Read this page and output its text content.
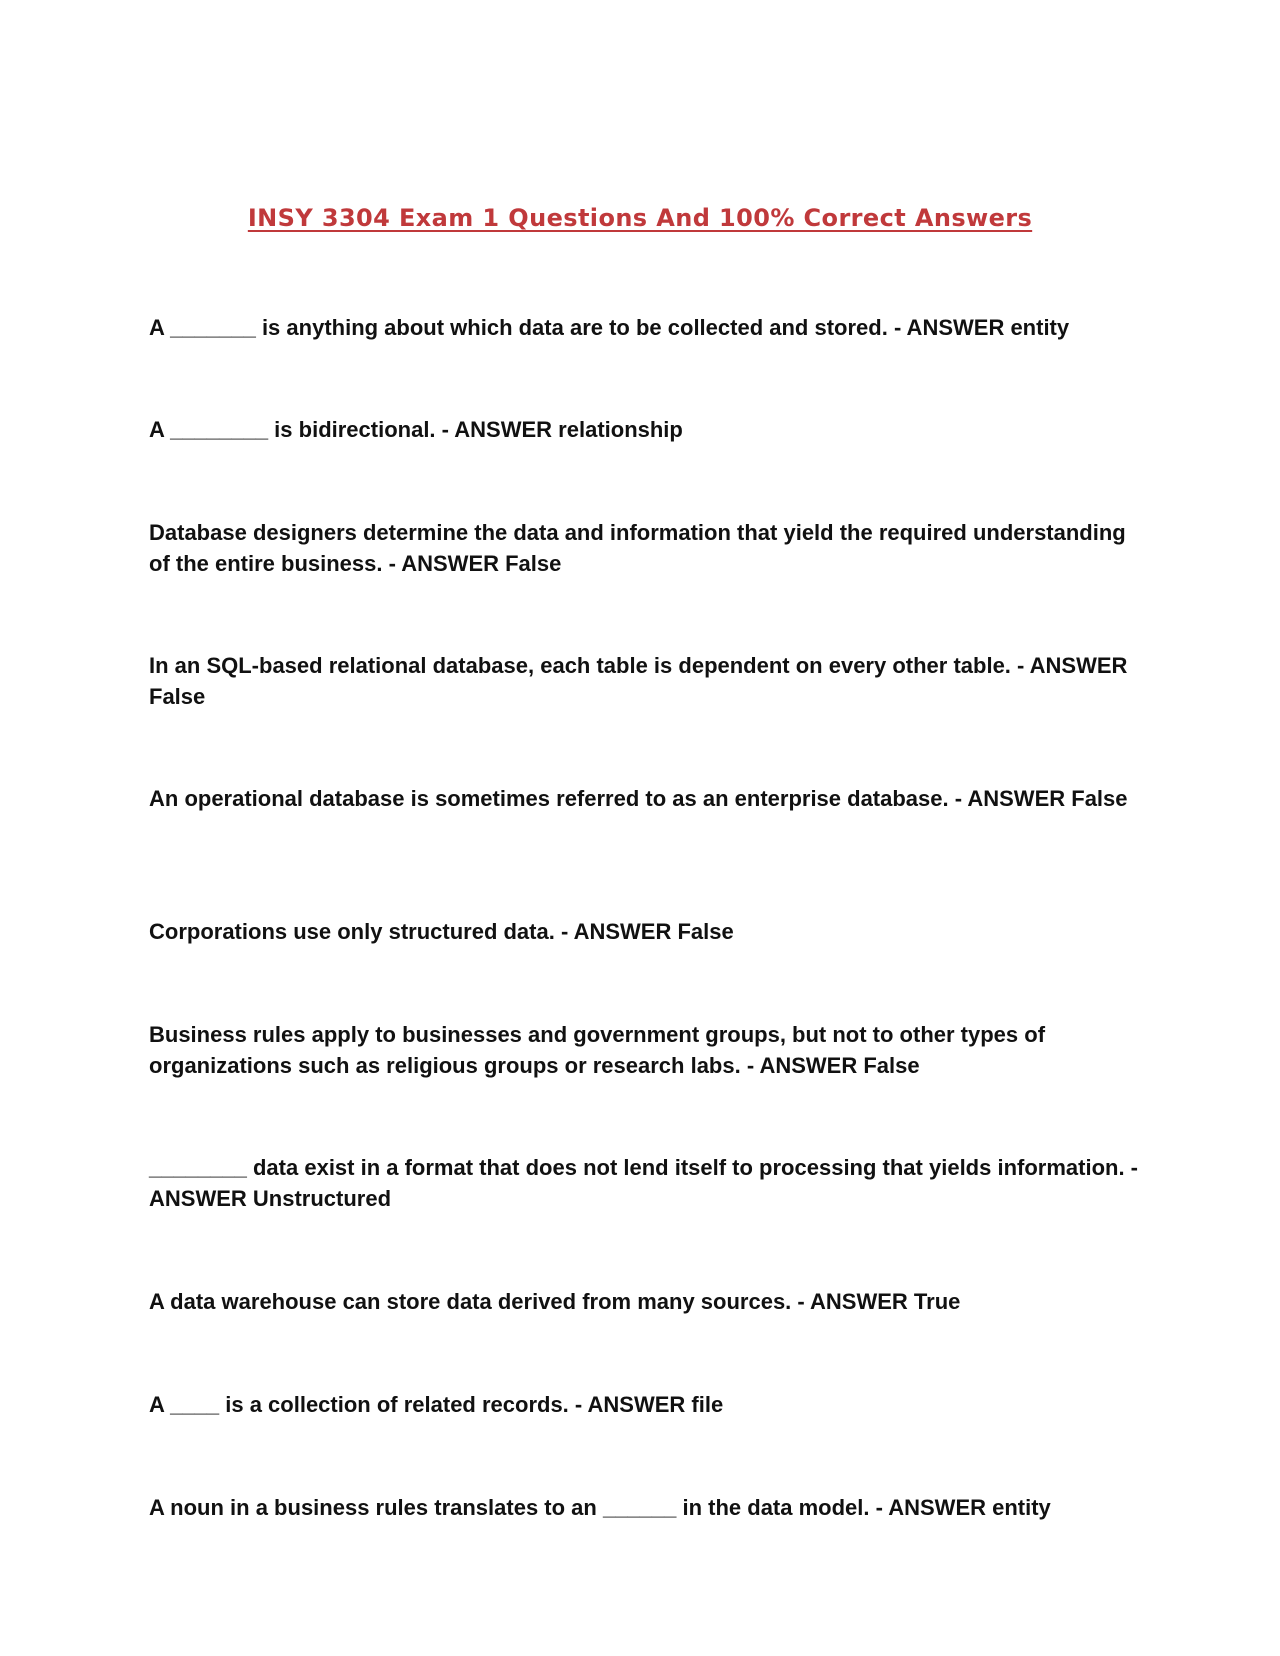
INSY 3304 Exam 1 Questions And 100% Correct Answers

A _______ is anything about which data are to be collected and stored. - ANSWER entity

A ________ is bidirectional. - ANSWER relationship

Database designers determine the data and information that yield the required understanding of the entire business. - ANSWER False

In an SQL-based relational database, each table is dependent on every other table. - ANSWER False

An operational database is sometimes referred to as an enterprise database. - ANSWER False

Corporations use only structured data. - ANSWER False

Business rules apply to businesses and government groups, but not to other types of organizations such as religious groups or research labs. - ANSWER False

________ data exist in a format that does not lend itself to processing that yields information. - ANSWER Unstructured

A data warehouse can store data derived from many sources. - ANSWER True

A ____ is a collection of related records. - ANSWER file

A noun in a business rules translates to an ______ in the data model. - ANSWER entity
